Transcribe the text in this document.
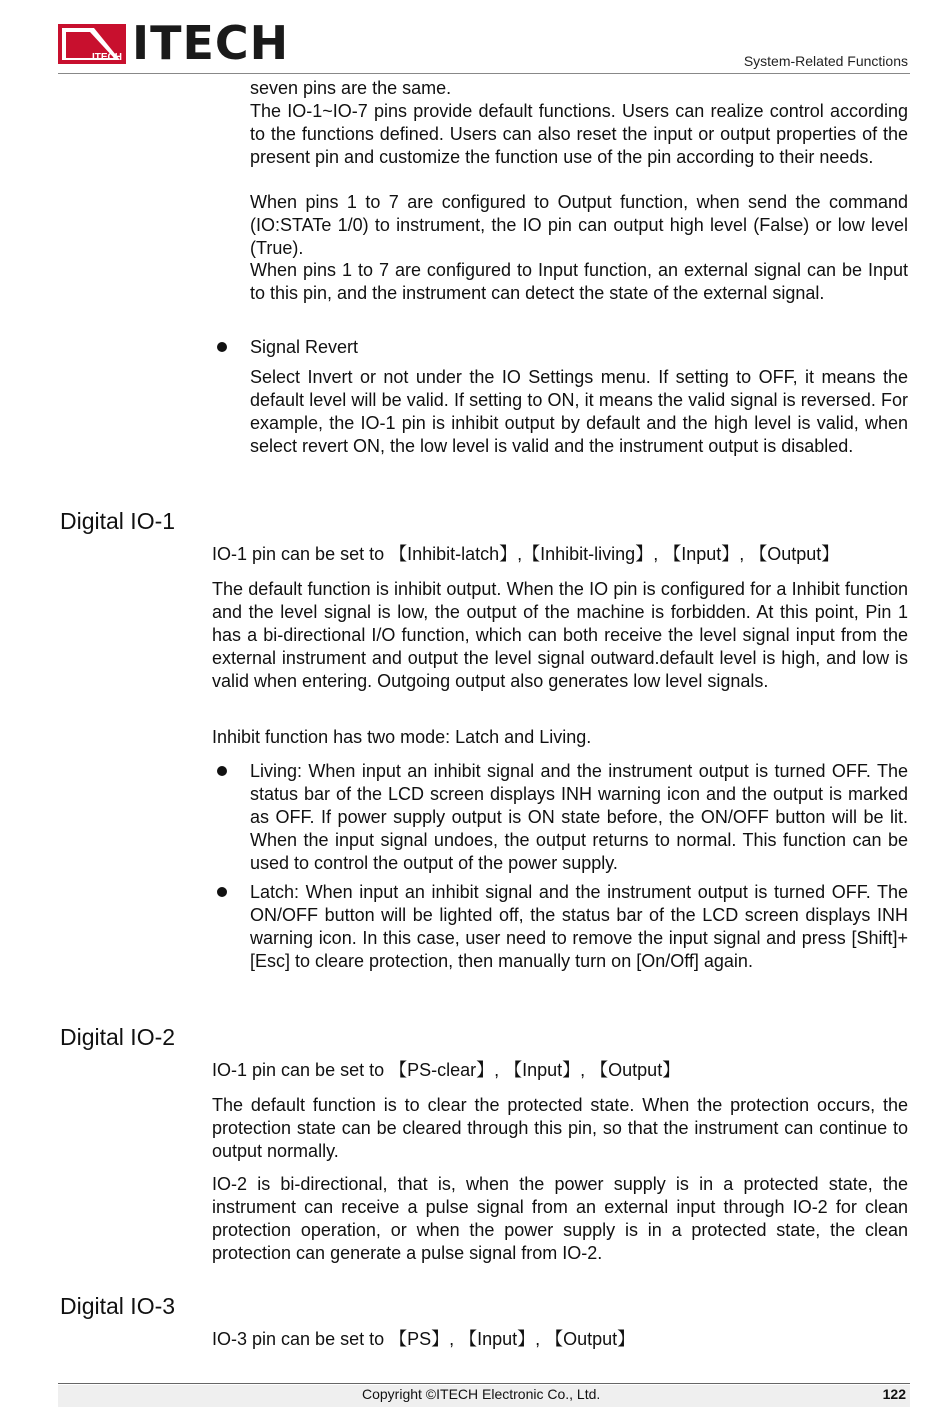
ITECH ITECH	System-Related Functions
seven pins are the same.
The IO-1~IO-7 pins provide default functions. Users can realize control according to the functions defined. Users can also reset the input or output properties of the present pin and customize the function use of the pin according to their needs.
When pins 1 to 7 are configured to Output function, when send the command (IO:STATe 1/0) to instrument, the IO pin can output high level (False) or low level (True).
When pins 1 to 7 are configured to Input function, an external signal can be Input to this pin, and the instrument can detect the state of the external signal.
Signal Revert
Select Invert or not under the IO Settings menu. If setting to OFF, it means the default level will be valid. If setting to ON, it means the valid signal is reversed. For example, the IO-1 pin is inhibit output by default and the high level is valid, when select revert ON, the low level is valid and the instrument output is disabled.
Digital IO-1
IO-1 pin can be set to 【Inhibit-latch】,【Inhibit-living】, 【Input】, 【Output】
The default function is inhibit output. When the IO pin is configured for a Inhibit function and the level signal is low, the output of the machine is forbidden. At this point, Pin 1 has a bi-directional I/O function, which can both receive the level signal input from the external instrument and output the level signal outward.default level is high, and low is valid when entering. Outgoing output also generates low level signals.
Inhibit function has two mode: Latch and Living.
Living: When input an inhibit signal and the instrument output is turned OFF. The status bar of the LCD screen displays INH warning icon and the output is marked as OFF. If power supply output is ON state before, the ON/OFF button will be lit. When the input signal undoes, the output returns to normal. This function can be used to control the output of the power supply.
Latch: When input an inhibit signal and the instrument output is turned OFF. The ON/OFF button will be lighted off, the status bar of the LCD screen displays INH warning icon. In this case, user need to remove the input signal and press [Shift]+[Esc] to cleare protection, then manually turn on [On/Off] again.
Digital IO-2
IO-1 pin can be set to 【PS-clear】, 【Input】, 【Output】
The default function is to clear the protected state. When the protection occurs, the protection state can be cleared through this pin, so that the instrument can continue to output normally.
IO-2 is bi-directional, that is, when the power supply is in a protected state, the instrument can receive a pulse signal from an external input through IO-2 for clean protection operation, or when the power supply is in a protected state, the clean protection can generate a pulse signal from IO-2.
Digital IO-3
IO-3 pin can be set to 【PS】, 【Input】, 【Output】
Copyright ©ITECH Electronic Co., Ltd.	122
